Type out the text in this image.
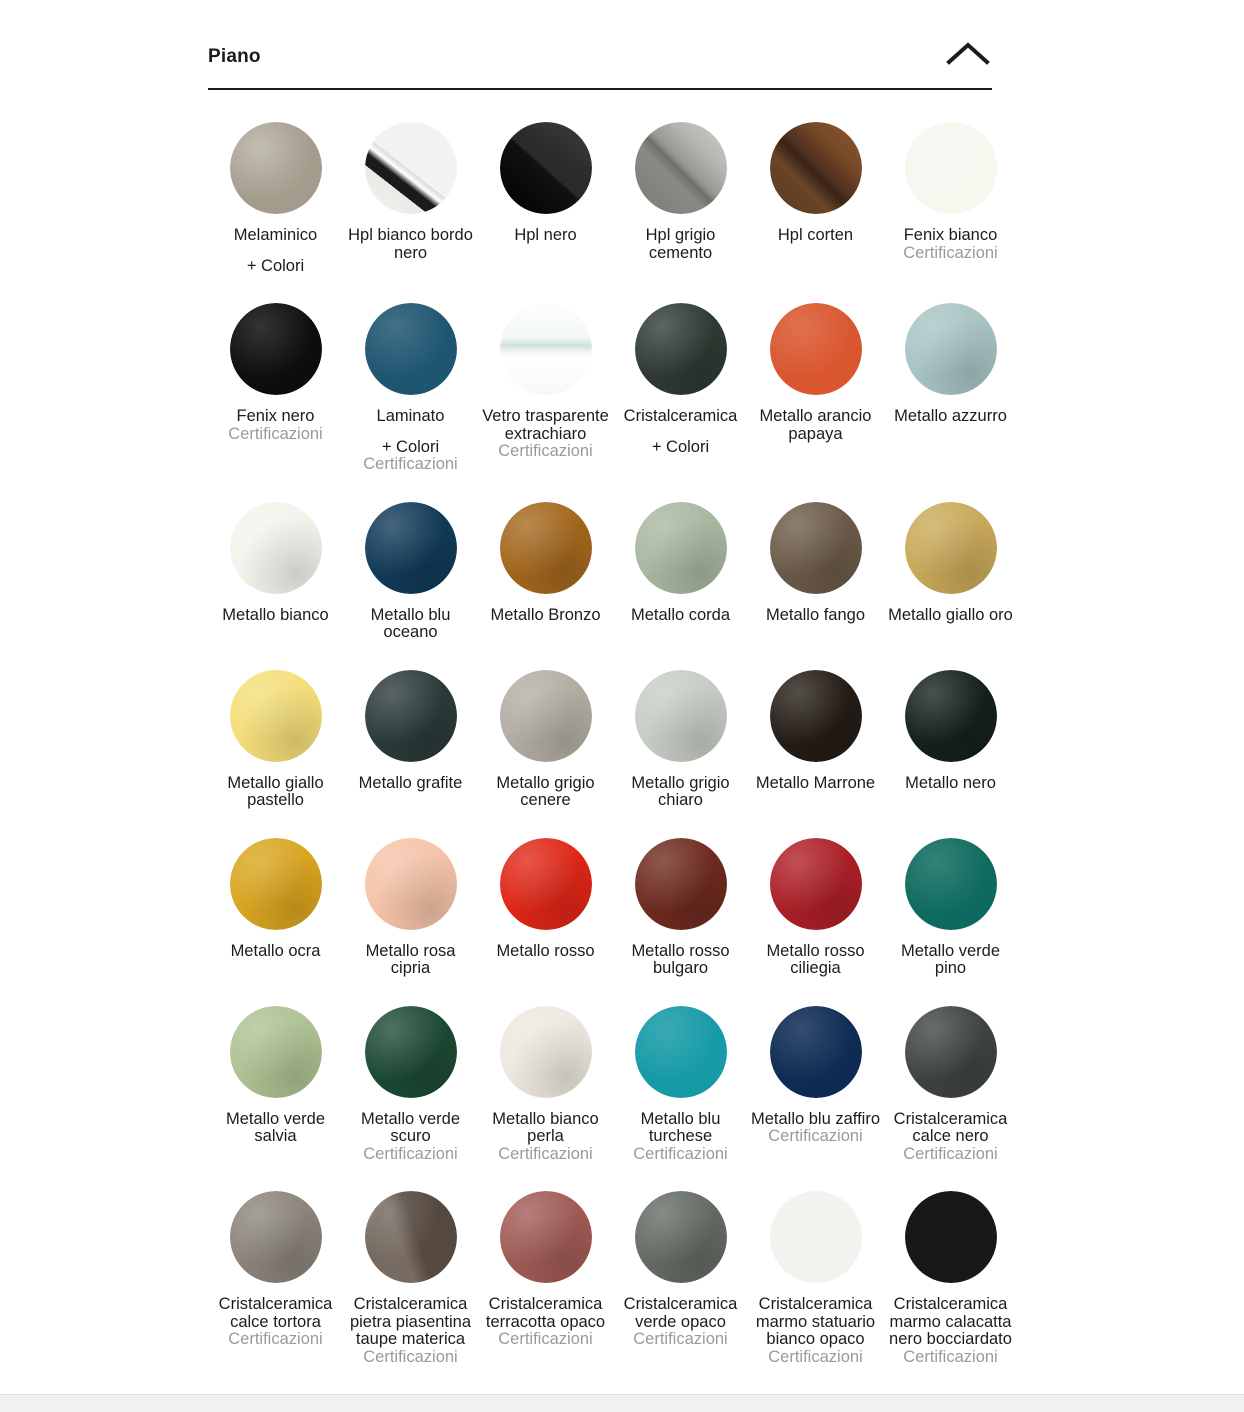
Piano
Melaminico
+ Colori
Hpl bianco bordo nero
Hpl nero	Hpl grigio cemento
Hpl corten	Fenix bianco
Certificazioni
Fenix nero
Certificazioni
Laminato
+ Colori
Certificazioni
Vetro trasparente extrachiaro
Certificazioni
Cristalceramica
+ Colori
Metallo arancio papaya
Metallo azzurro
Metallo bianco	Metallo blu oceano
Metallo Bronzo	Metallo corda	Metallo fango	Metallo giallo oro
Metallo giallo pastello
Metallo grafite	Metallo grigio cenere
Metallo grigio chiaro
Metallo Marrone	Metallo nero
Metallo ocra	Metallo rosa cipria
Metallo rosso	Metallo rosso bulgaro
Metallo rosso ciliegia
Metallo verde pino
Metallo verde salvia
Metallo verde scuro
Certificazioni
Metallo bianco perla
Certificazioni
Metallo blu turchese
Certificazioni
Metallo blu zaffiro
Certificazioni
Cristalceramica calce nero
Certificazioni
Cristalceramica calce tortora
Certificazioni
Cristalceramica pietra piasentina taupe materica
Certificazioni
Cristalceramica terracotta opaco
Certificazioni
Cristalceramica verde opaco
Certificazioni
Cristalceramica marmo statuario bianco opaco
Certificazioni
Cristalceramica marmo calacatta nero bocciardato
Certificazioni
